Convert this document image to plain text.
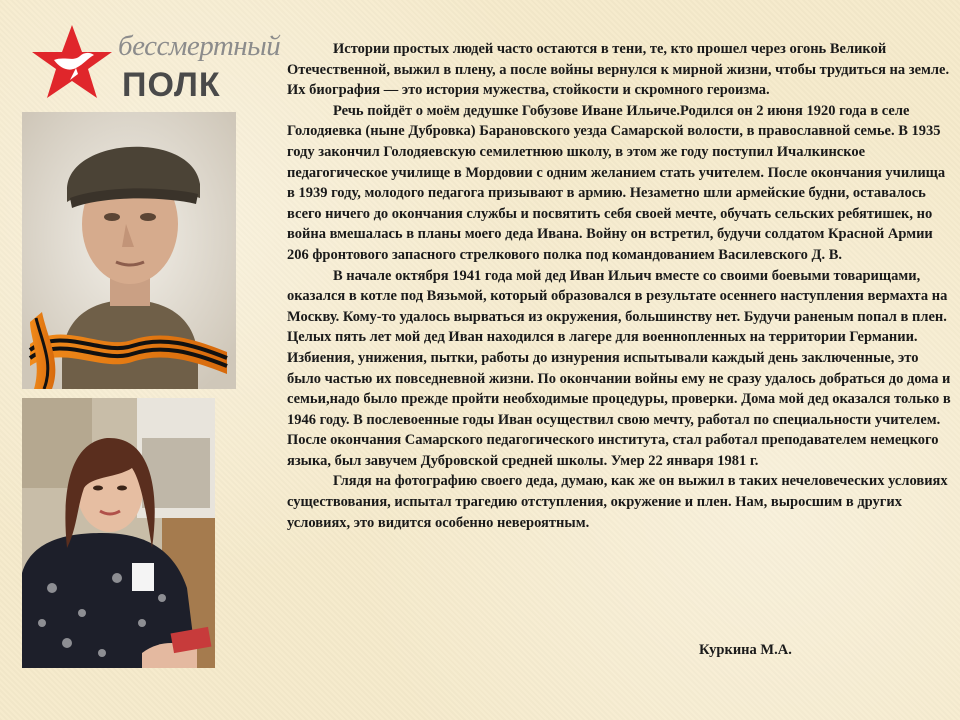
бессмертный
ПОЛК

Истории простых людей часто остаются в тени, те, кто прошел через огонь Великой Отечественной, выжил в плену, а после войны вернулся к мирной жизни, чтобы трудиться на земле. Их биография — это история мужества, стойкости и скромного героизма.

Речь пойдёт о моём дедушке Гобузове Иване Ильиче.Родился он 2 июня 1920 года в селе Голодяевка (ныне Дубровка) Барановского уезда Самарской волости, в православной семье. В 1935 году закончил Голодяевскую семилетнюю школу, в этом же году поступил Ичалкинское педагогическое училище в Мордовии с одним желанием стать учителем. После окончания училища в 1939 году, молодого педагога призывают в армию. Незаметно шли армейские будни, оставалось всего ничего до окончания службы и посвятить себя своей мечте, обучать сельских ребятишек, но война вмешалась в планы моего деда Ивана. Войну он встретил, будучи солдатом Красной Армии 206 фронтового запасного стрелкового полка под командованием Василевского Д. В.

В начале октября 1941 года мой дед Иван Ильич вместе со своими боевыми товарищами, оказался в котле под Вязьмой, который образовался в результате осеннего наступления вермахта на Москву. Кому-то удалось вырваться из окружения, большинству нет. Будучи раненым попал в плен. Целых пять лет мой дед Иван находился в лагере для военнопленных на территории Германии. Избиения, унижения, пытки, работы до изнурения испытывали каждый день заключенные, это было частью их повседневной жизни. По окончании войны ему не сразу удалось добраться до дома и семьи,надо было прежде пройти необходимые процедуры, проверки. Дома мой дед оказался только в 1946 году. В послевоенные годы Иван осуществил свою мечту, работал по специальности учителем. После окончания Самарского педагогического института, стал работал преподавателем немецкого языка, был завучем Дубровской средней школы. Умер 22 января 1981 г.

Глядя на фотографию своего деда, думаю, как же он выжил в таких нечеловеческих условиях существования, испытал трагедию отступления, окружение и плен. Нам, выросшим в других условиях, это видится особенно невероятным.

Куркина М.А.
